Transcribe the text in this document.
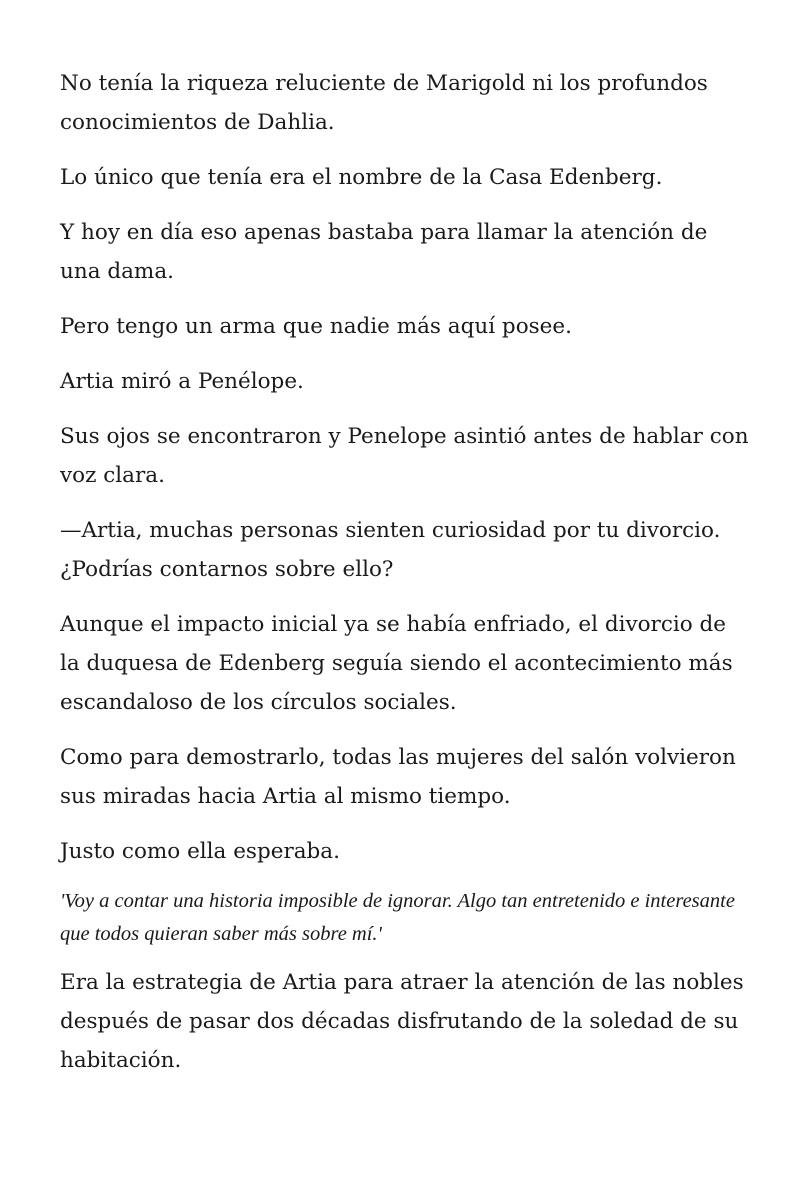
No tenía la riqueza reluciente de Marigold ni los profundos conocimientos de Dahlia.

Lo único que tenía era el nombre de la Casa Edenberg.

Y hoy en día eso apenas bastaba para llamar la atención de una dama.

Pero tengo un arma que nadie más aquí posee.

Artia miró a Penélope.

Sus ojos se encontraron y Penelope asintió antes de hablar con voz clara.

—Artia, muchas personas sienten curiosidad por tu divorcio. ¿Podrías contarnos sobre ello?

Aunque el impacto inicial ya se había enfriado, el divorcio de la duquesa de Edenberg seguía siendo el acontecimiento más escandaloso de los círculos sociales.

Como para demostrarlo, todas las mujeres del salón volvieron sus miradas hacia Artia al mismo tiempo.

Justo como ella esperaba.

'Voy a contar una historia imposible de ignorar. Algo tan entretenido e interesante que todos quieran saber más sobre mí.'

Era la estrategia de Artia para atraer la atención de las nobles después de pasar dos décadas disfrutando de la soledad de su habitación.
